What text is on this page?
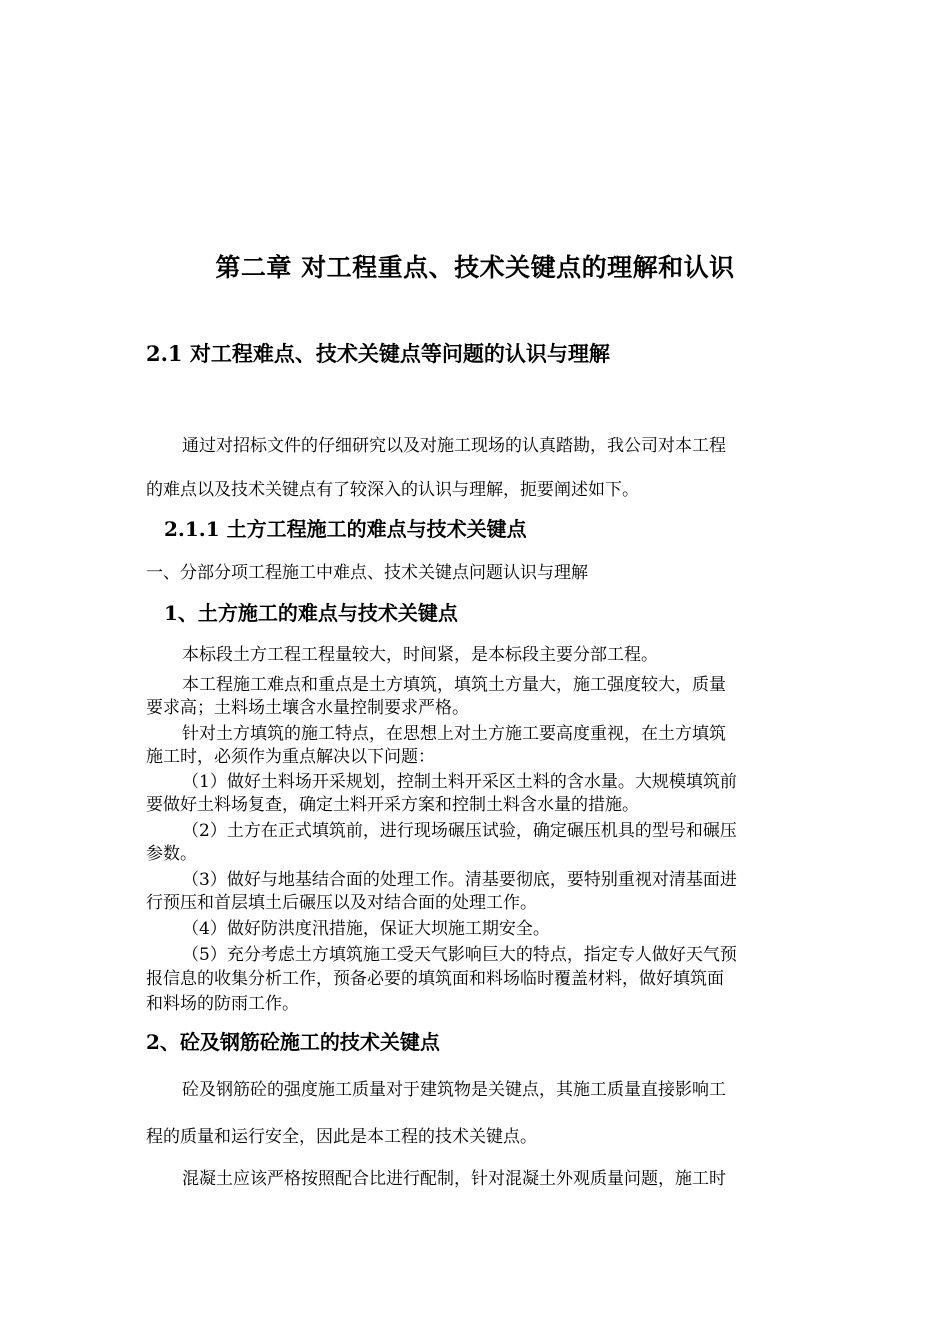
第二章 对工程重点、技术关键点的理解和认识
2.1 对工程难点、技术关键点等问题的认识与理解

通过对招标文件的仔细研究以及对施工现场的认真踏勘，我公司对本工程

的难点以及技术关键点有了较深入的认识与理解，扼要阐述如下。

2.1.1 土方工程施工的难点与技术关键点

一、分部分项工程施工中难点、技术关键点问题认识与理解

1、土方施工的难点与技术关键点

本标段土方工程工程量较大，时间紧，是本标段主要分部工程。

本工程施工难点和重点是土方填筑，填筑土方量大，施工强度较大，质量

要求高；土料场土壤含水量控制要求严格。

针对土方填筑的施工特点，在思想上对土方施工要高度重视，在土方填筑

施工时，必须作为重点解决以下问题：

（1）做好土料场开采规划，控制土料开采区土料的含水量。大规模填筑前

要做好土料场复查，确定土料开采方案和控制土料含水量的措施。

（2）土方在正式填筑前，进行现场碾压试验，确定碾压机具的型号和碾压

参数。

（3）做好与地基结合面的处理工作。清基要彻底，要特别重视对清基面进

行预压和首层填土后碾压以及对结合面的处理工作。

（4）做好防洪度汛措施，保证大坝施工期安全。

（5）充分考虑土方填筑施工受天气影响巨大的特点，指定专人做好天气预

报信息的收集分析工作，预备必要的填筑面和料场临时覆盖材料，做好填筑面

和料场的防雨工作。

2、砼及钢筋砼施工的技术关键点

砼及钢筋砼的强度施工质量对于建筑物是关键点，其施工质量直接影响工

程的质量和运行安全，因此是本工程的技术关键点。

混凝土应该严格按照配合比进行配制，针对混凝土外观质量问题，施工时
